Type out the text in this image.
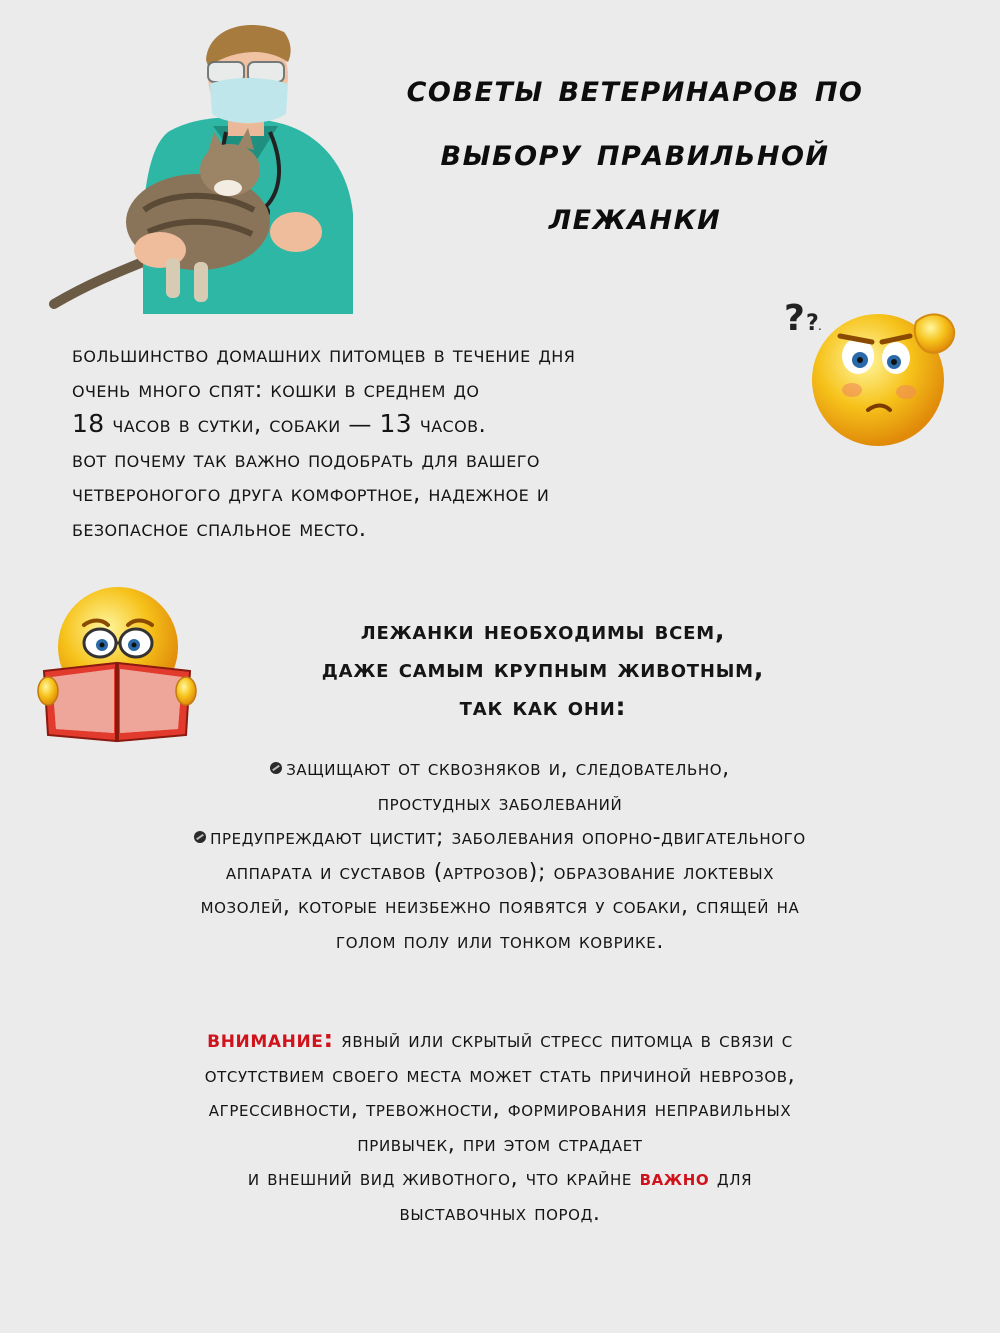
советы ветеринаров по
выбору правильной
лежанки
? ? .
большинство домашних питомцев в течение дня
очень много спят: кошки в среднем до
18 часов в сутки, собаки — 13 часов.
вот почему так важно подобрать для вашего
четвероногого друга комфортное, надежное и
безопасное спальное место.
лежанки необходимы всем,
даже самым крупным животным,
так как они:
защищают от сквозняков и, следовательно,
простудных заболеваний
предупреждают цистит; заболевания опорно-двигательного
аппарата и суставов (артрозов); образование локтевых
мозолей, которые неизбежно появятся у собаки, спящей на
голом полу или тонком коврике.
внимание: явный или скрытый стресс питомца в связи с
отсутствием своего места может стать причиной неврозов,
агрессивности, тревожности, формирования неправильных
привычек, при этом страдает
и внешний вид животного, что крайне важно для
выставочных пород.
